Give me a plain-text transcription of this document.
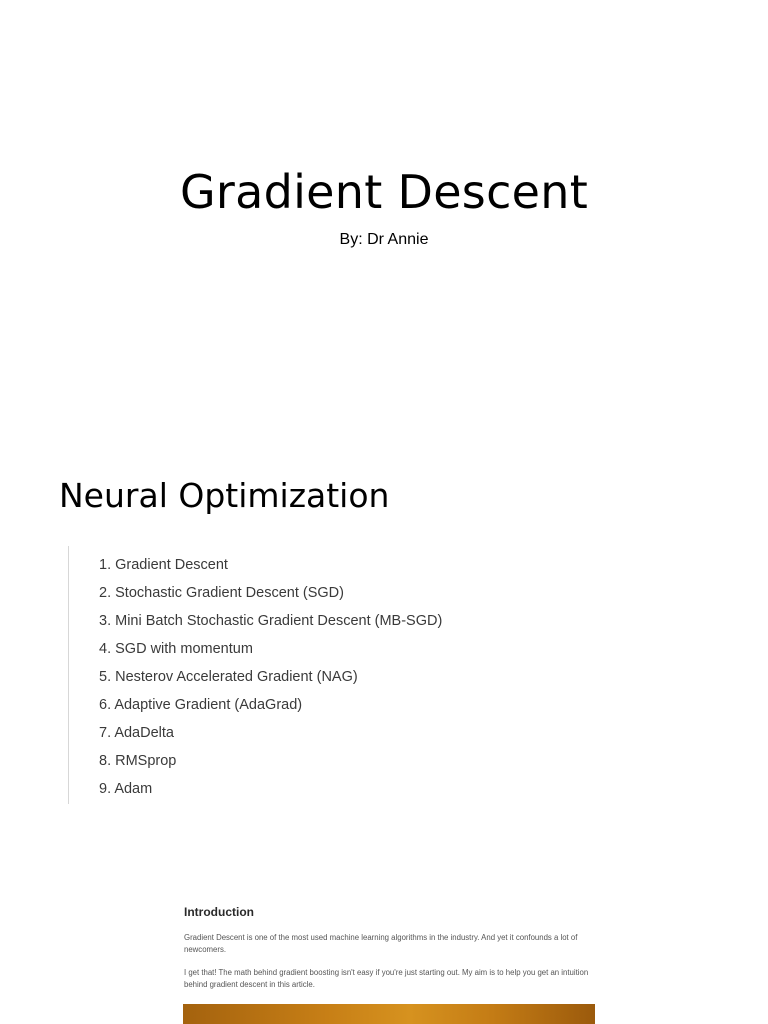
Gradient Descent
By: Dr Annie
Neural Optimization
1. Gradient Descent
2. Stochastic Gradient Descent (SGD)
3. Mini Batch Stochastic Gradient Descent (MB-SGD)
4. SGD with momentum
5. Nesterov Accelerated Gradient (NAG)
6. Adaptive Gradient (AdaGrad)
7. AdaDelta
8. RMSprop
9. Adam
Introduction
Gradient Descent is one of the most used machine learning algorithms in the industry. And yet it confounds a lot of newcomers.
I get that! The math behind gradient boosting isn't easy if you're just starting out. My aim is to help you get an intuition behind gradient descent in this article.
